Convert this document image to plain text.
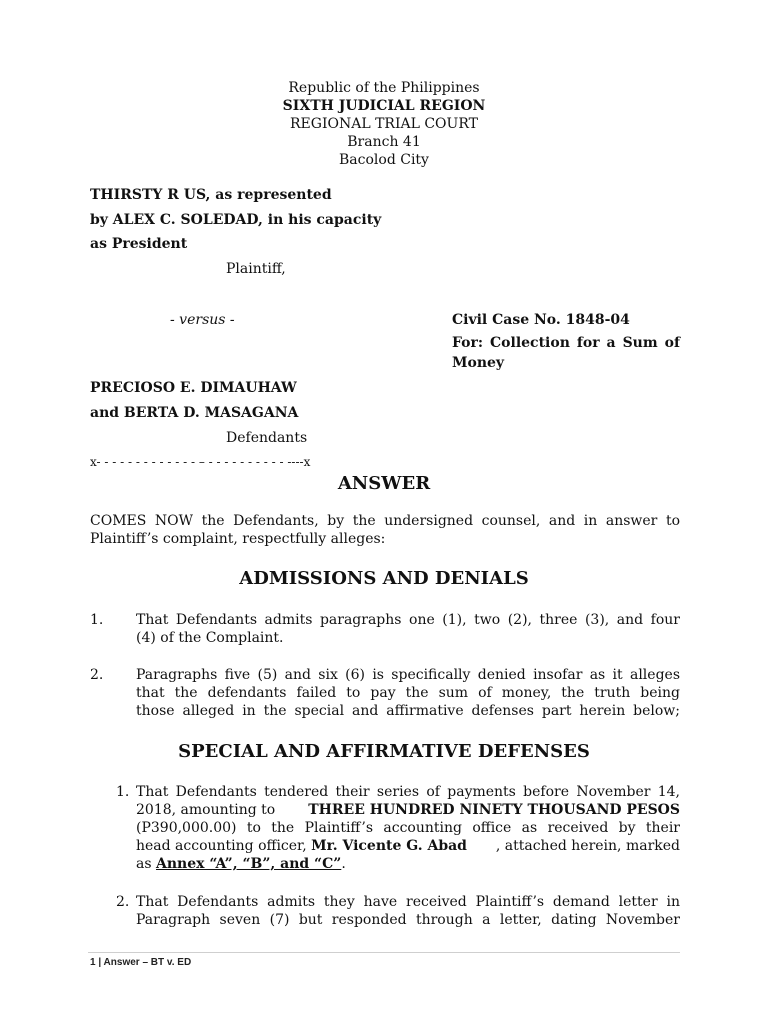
Republic of the Philippines
SIXTH JUDICIAL REGION
REGIONAL TRIAL COURT
Branch 41
Bacolod City
THIRSTY R US, as represented
by ALEX C. SOLEDAD, in his capacity
as President
Plaintiff,
- versus -	Civil Case No. 1848-04
For: Collection for a Sum of
Money
PRECIOSO E. DIMAUHAW
and BERTA D. MASAGANA
Defendants
x- - - - - - - - - - - - - – - - - - - - - - - - ----x
ANSWER
COMES NOW the Defendants, by the undersigned counsel, and in answer to
Plaintiff’s complaint, respectfully alleges:
ADMISSIONS AND DENIALS
1. That Defendants admits paragraphs one (1), two (2), three (3), and four
(4) of the Complaint.
2. Paragraphs five (5) and six (6) is specifically denied insofar as it alleges
that the defendants failed to pay the sum of money, the truth being
those alleged in the special and affirmative defenses part herein below;
SPECIAL AND AFFIRMATIVE DEFENSES
1. That Defendants tendered their series of payments before November 14,
2018, amounting to THREE HUNDRED NINETY THOUSAND PESOS
(P390,000.00) to the Plaintiff’s accounting office as received by their
head accounting officer, Mr. Vicente G. Abad , attached herein, marked
as Annex “A”, “B”, and “C”.
2. That Defendants admits they have received Plaintiff’s demand letter in
Paragraph seven (7) but responded through a letter, dating November
1 | Answer – BT v. ED
